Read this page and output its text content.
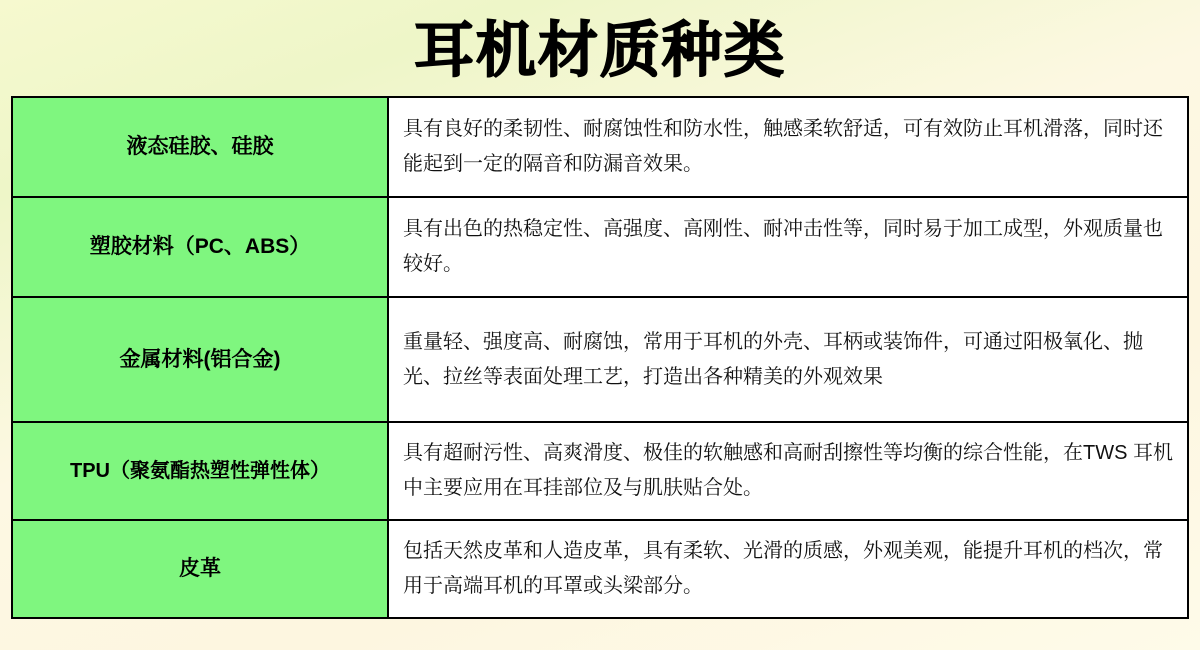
耳机材质种类
液态硅胶、硅胶	具有良好的柔韧性、耐腐蚀性和防水性，触感柔软舒适，可有效防止耳机滑落，同时还能起到一定的隔音和防漏音效果。
塑胶材料（PC、ABS）	具有出色的热稳定性、高强度、高刚性、耐冲击性等，同时易于加工成型，外观质量也较好。
金属材料(铝合金)	重量轻、强度高、耐腐蚀，常用于耳机的外壳、耳柄或装饰件，可通过阳极氧化、抛光、拉丝等表面处理工艺，打造出各种精美的外观效果
TPU（聚氨酯热塑性弹性体）	具有超耐污性、高爽滑度、极佳的软触感和高耐刮擦性等均衡的综合性能，在TWS 耳机中主要应用在耳挂部位及与肌肤贴合处。
皮革	包括天然皮革和人造皮革，具有柔软、光滑的质感，外观美观，能提升耳机的档次，常用于高端耳机的耳罩或头梁部分。
